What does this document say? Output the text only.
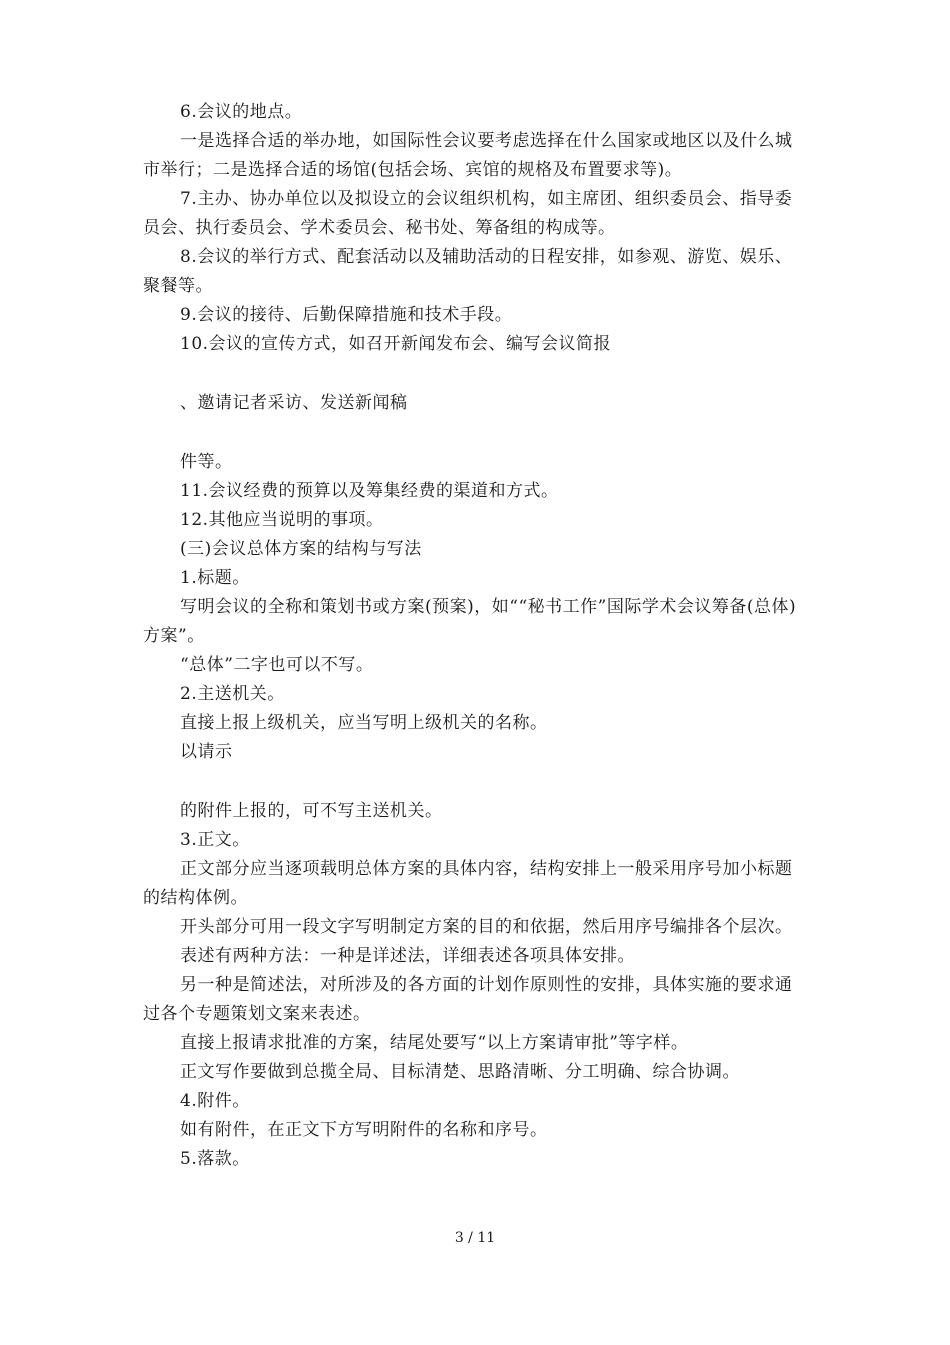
6.会议的地点。

一是选择合适的举办地，如国际性会议要考虑选择在什么国家或地区以及什么城市举行；二是选择合适的场馆(包括会场、宾馆的规格及布置要求等)。

7.主办、协办单位以及拟设立的会议组织机构，如主席团、组织委员会、指导委员会、执行委员会、学术委员会、秘书处、筹备组的构成等。

8.会议的举行方式、配套活动以及辅助活动的日程安排，如参观、游览、娱乐、聚餐等。

9.会议的接待、后勤保障措施和技术手段。

10.会议的宣传方式，如召开新闻发布会、编写会议简报

、邀请记者采访、发送新闻稿

件等。

11.会议经费的预算以及筹集经费的渠道和方式。

12.其他应当说明的事项。

(三)会议总体方案的结构与写法

1.标题。

写明会议的全称和策划书或方案(预案)，如““秘书工作”国际学术会议筹备(总体)方案”。

“总体”二字也可以不写。

2.主送机关。

直接上报上级机关，应当写明上级机关的名称。

以请示

的附件上报的，可不写主送机关。

3.正文。

正文部分应当逐项载明总体方案的具体内容，结构安排上一般采用序号加小标题的结构体例。

开头部分可用一段文字写明制定方案的目的和依据，然后用序号编排各个层次。

表述有两种方法：一种是详述法，详细表述各项具体安排。

另一种是简述法，对所涉及的各方面的计划作原则性的安排，具体实施的要求通过各个专题策划文案来表述。

直接上报请求批准的方案，结尾处要写“以上方案请审批”等字样。

正文写作要做到总揽全局、目标清楚、思路清晰、分工明确、综合协调。

4.附件。

如有附件，在正文下方写明附件的名称和序号。

5.落款。

3 / 11
